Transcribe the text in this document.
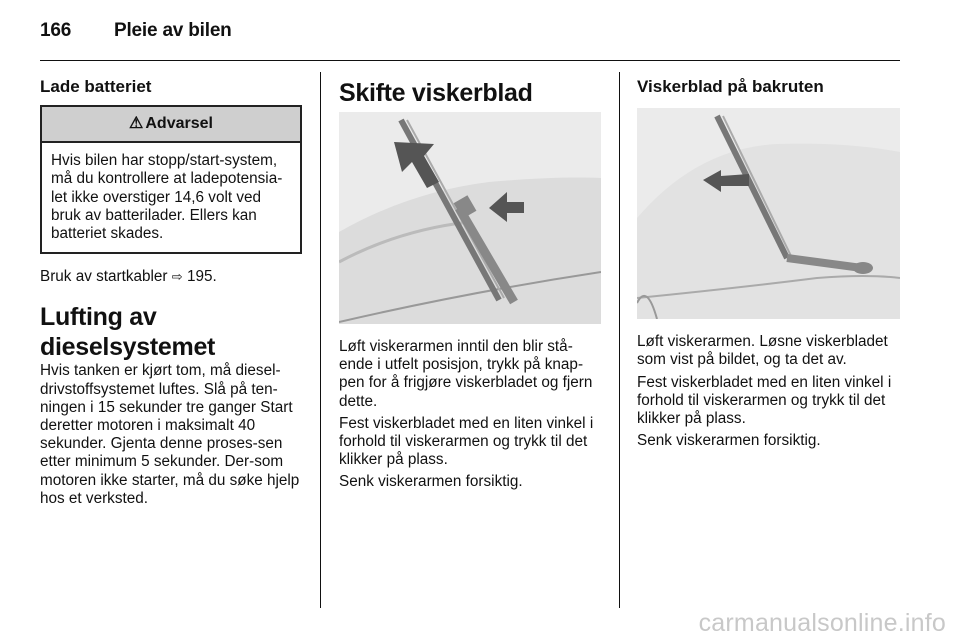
166 Pleie av bilen
Lade batteriet
⚠ Advarsel
Hvis bilen har stopp/start-system, må du kontrollere at ladepotensia-let ikke overstiger 14,6 volt ved bruk av batterilader. Ellers kan batteriet skades.

Bruk av startkabler ⇨ 195.

Lufting av dieselsystemet

Hvis tanken er kjørt tom, må diesel-drivstoffsystemet luftes. Slå på ten-ningen i 15 sekunder tre ganger Start deretter motoren i maksimalt 40 sekunder. Gjenta denne proses-sen etter minimum 5 sekunder. Der-som motoren ikke starter, må du søke hjelp hos et verksted.

Skifte viskerblad

Løft viskerarmen inntil den blir stå-ende i utfelt posisjon, trykk på knap-pen for å frigjøre viskerbladet og fjern dette.

Fest viskerbladet med en liten vinkel i forhold til viskerarmen og trykk til det klikker på plass.

Senk viskerarmen forsiktig.

Viskerblad på bakruten

Løft viskerarmen. Løsne viskerbladet som vist på bildet, og ta det av.

Fest viskerbladet med en liten vinkel i forhold til viskerarmen og trykk til det klikker på plass.

Senk viskerarmen forsiktig.

carmanualsonline.info
